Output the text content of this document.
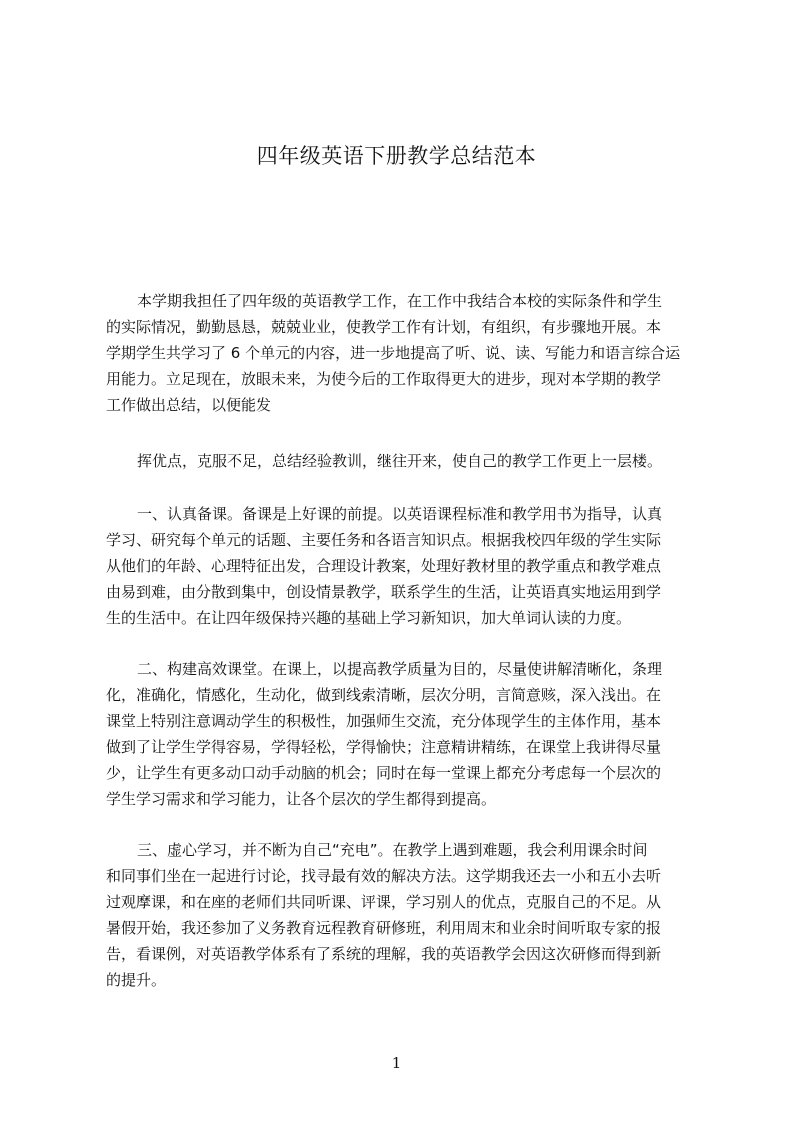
四年级英语下册教学总结范本
本学期我担任了四年级的英语教学工作，在工作中我结合本校的实际条件和学生
的实际情况，勤勤恳恳，兢兢业业，使教学工作有计划，有组织，有步骤地开展。本
学期学生共学习了 6 个单元的内容，进一步地提高了听、说、读、写能力和语言综合运
用能力。立足现在，放眼未来，为使今后的工作取得更大的进步，现对本学期的教学
工作做出总结，以便能发
挥优点，克服不足，总结经验教训，继往开来，使自己的教学工作更上一层楼。
一、认真备课。备课是上好课的前提。以英语课程标准和教学用书为指导，认真
学习、研究每个单元的话题、主要任务和各语言知识点。根据我校四年级的学生实际
从他们的年龄、心理特征出发，合理设计教案，处理好教材里的教学重点和教学难点
由易到难，由分散到集中，创设情景教学，联系学生的生活，让英语真实地运用到学
生的生活中。在让四年级保持兴趣的基础上学习新知识，加大单词认读的力度。
二、构建高效课堂。在课上，以提高教学质量为目的，尽量使讲解清晰化，条理
化，准确化，情感化，生动化，做到线索清晰，层次分明，言简意赅，深入浅出。在
课堂上特别注意调动学生的积极性，加强师生交流，充分体现学生的主体作用，基本
做到了让学生学得容易，学得轻松，学得愉快；注意精讲精练，在课堂上我讲得尽量
少，让学生有更多动口动手动脑的机会；同时在每一堂课上都充分考虑每一个层次的
学生学习需求和学习能力，让各个层次的学生都得到提高。
三、虚心学习，并不断为自己“充电”。在教学上遇到难题，我会利用课余时间
和同事们坐在一起进行讨论，找寻最有效的解决方法。这学期我还去一小和五小去听
过观摩课，和在座的老师们共同听课、评课，学习别人的优点，克服自己的不足。从
暑假开始，我还参加了义务教育远程教育研修班，利用周末和业余时间听取专家的报
告，看课例，对英语教学体系有了系统的理解，我的英语教学会因这次研修而得到新
的提升。
1
